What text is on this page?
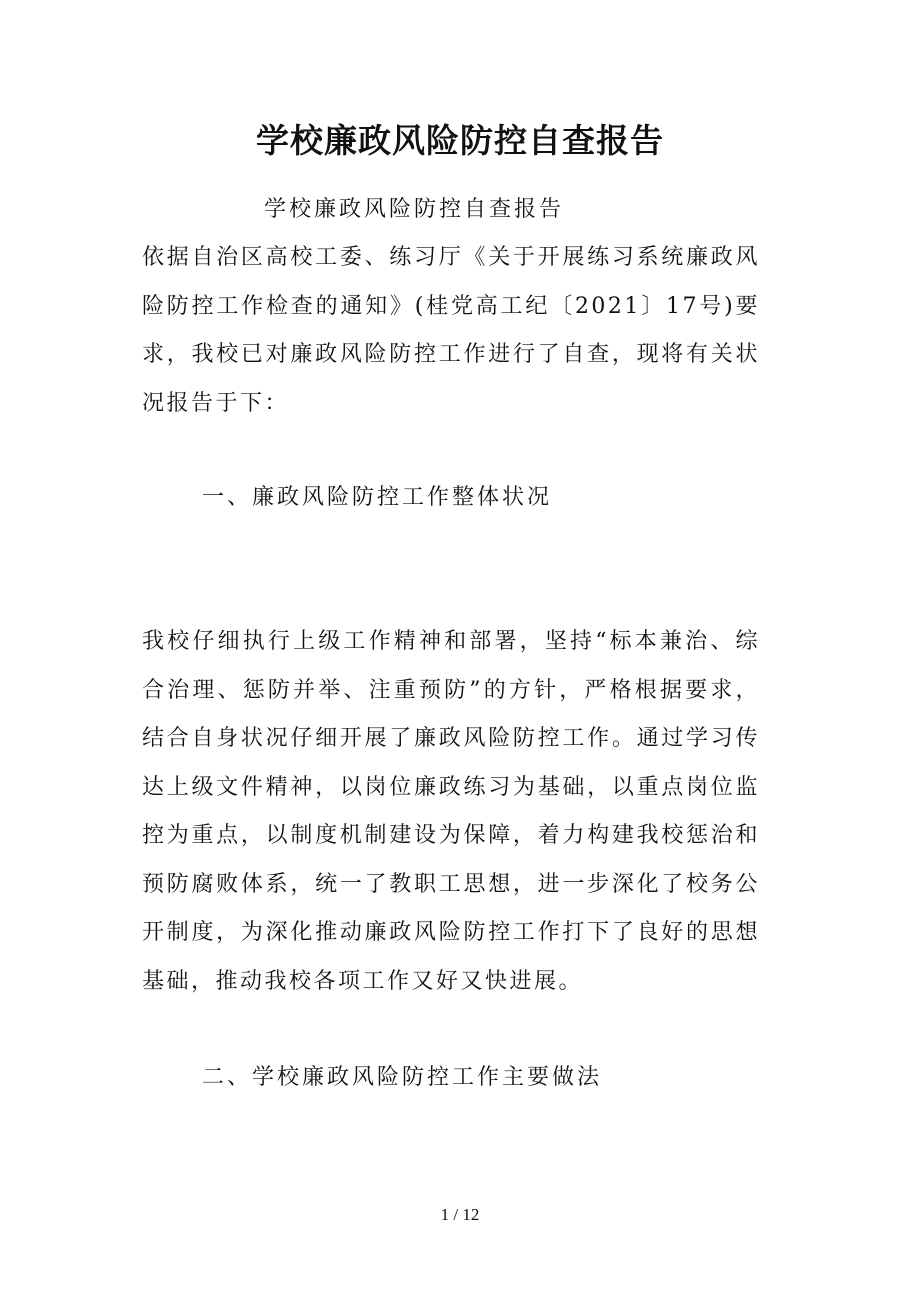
学校廉政风险防控自查报告

学校廉政风险防控自查报告

依据自治区高校工委、练习厅《关于开展练习系统廉政风险防控工作检查的通知》(桂党高工纪〔2021〕17号)要求，我校已对廉政风险防控工作进行了自查，现将有关状况报告于下：

一、廉政风险防控工作整体状况

我校仔细执行上级工作精神和部署，坚持“标本兼治、综合治理、惩防并举、注重预防”的方针，严格根据要求，结合自身状况仔细开展了廉政风险防控工作。通过学习传达上级文件精神，以岗位廉政练习为基础，以重点岗位监控为重点，以制度机制建设为保障，着力构建我校惩治和预防腐败体系，统一了教职工思想，进一步深化了校务公开制度，为深化推动廉政风险防控工作打下了良好的思想基础，推动我校各项工作又好又快进展。

二、学校廉政风险防控工作主要做法

1 / 12
